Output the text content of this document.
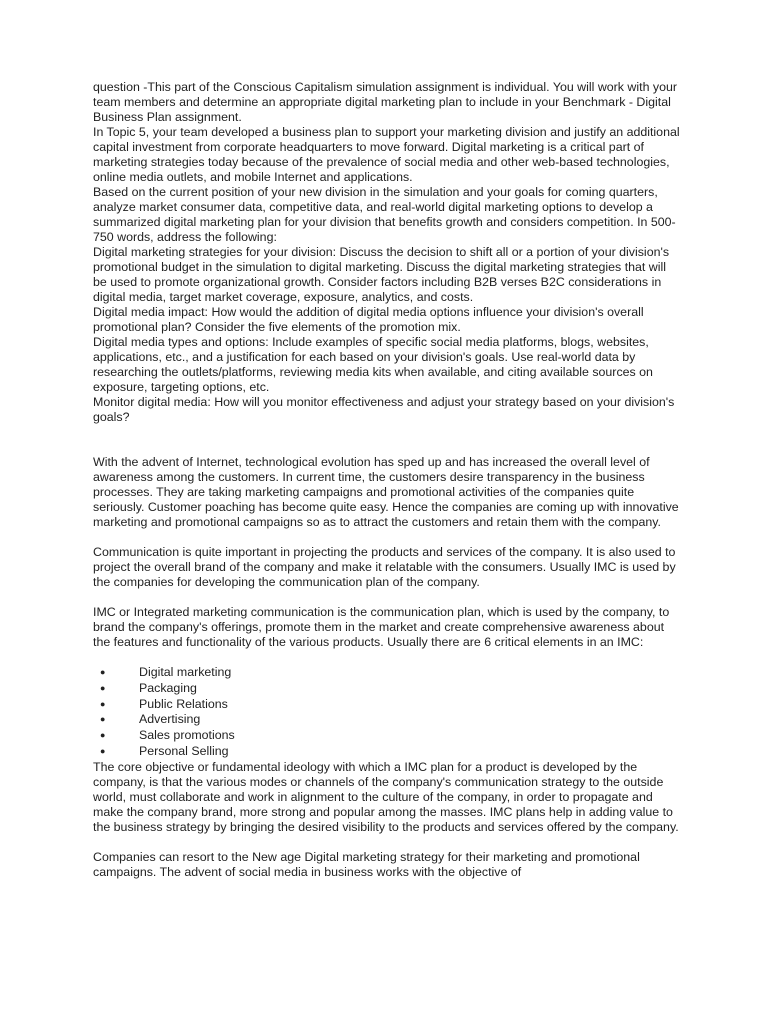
question -This part of the Conscious Capitalism simulation assignment is individual. You will work with your team members and determine an appropriate digital marketing plan to include in your Benchmark - Digital Business Plan assignment.

In Topic 5, your team developed a business plan to support your marketing division and justify an additional capital investment from corporate headquarters to move forward. Digital marketing is a critical part of marketing strategies today because of the prevalence of social media and other web-based technologies, online media outlets, and mobile Internet and applications.

Based on the current position of your new division in the simulation and your goals for coming quarters, analyze market consumer data, competitive data, and real-world digital marketing options to develop a summarized digital marketing plan for your division that benefits growth and considers competition. In 500-750 words, address the following:

Digital marketing strategies for your division: Discuss the decision to shift all or a portion of your division's promotional budget in the simulation to digital marketing. Discuss the digital marketing strategies that will be used to promote organizational growth. Consider factors including B2B verses B2C considerations in digital media, target market coverage, exposure, analytics, and costs.

Digital media impact: How would the addition of digital media options influence your division's overall promotional plan? Consider the five elements of the promotion mix.

Digital media types and options: Include examples of specific social media platforms, blogs, websites, applications, etc., and a justification for each based on your division's goals. Use real-world data by researching the outlets/platforms, reviewing media kits when available, and citing available sources on exposure, targeting options, etc.

Monitor digital media: How will you monitor effectiveness and adjust your strategy based on your division's goals?

With the advent of Internet, technological evolution has sped up and has increased the overall level of awareness among the customers. In current time, the customers desire transparency in the business processes. They are taking marketing campaigns and promotional activities of the companies quite seriously. Customer poaching has become quite easy. Hence the companies are coming up with innovative marketing and promotional campaigns so as to attract the customers and retain them with the company.

Communication is quite important in projecting the products and services of the company. It is also used to project the overall brand of the company and make it relatable with the consumers. Usually IMC is used by the companies for developing the communication plan of the company.

IMC or Integrated marketing communication is the communication plan, which is used by the company, to brand the company's offerings, promote them in the market and create comprehensive awareness about the features and functionality of the various products. Usually there are 6 critical elements in an IMC:

●	Digital marketing
●	Packaging
●	Public Relations
●	Advertising
●	Sales promotions
●	Personal Selling

The core objective or fundamental ideology with which a IMC plan for a product is developed by the company, is that the various modes or channels of the company's communication strategy to the outside world, must collaborate and work in alignment to the culture of the company, in order to propagate and make the company brand, more strong and popular among the masses. IMC plans help in adding value to the business strategy by bringing the desired visibility to the products and services offered by the company.

Companies can resort to the New age Digital marketing strategy for their marketing and promotional campaigns. The advent of social media in business works with the objective of
